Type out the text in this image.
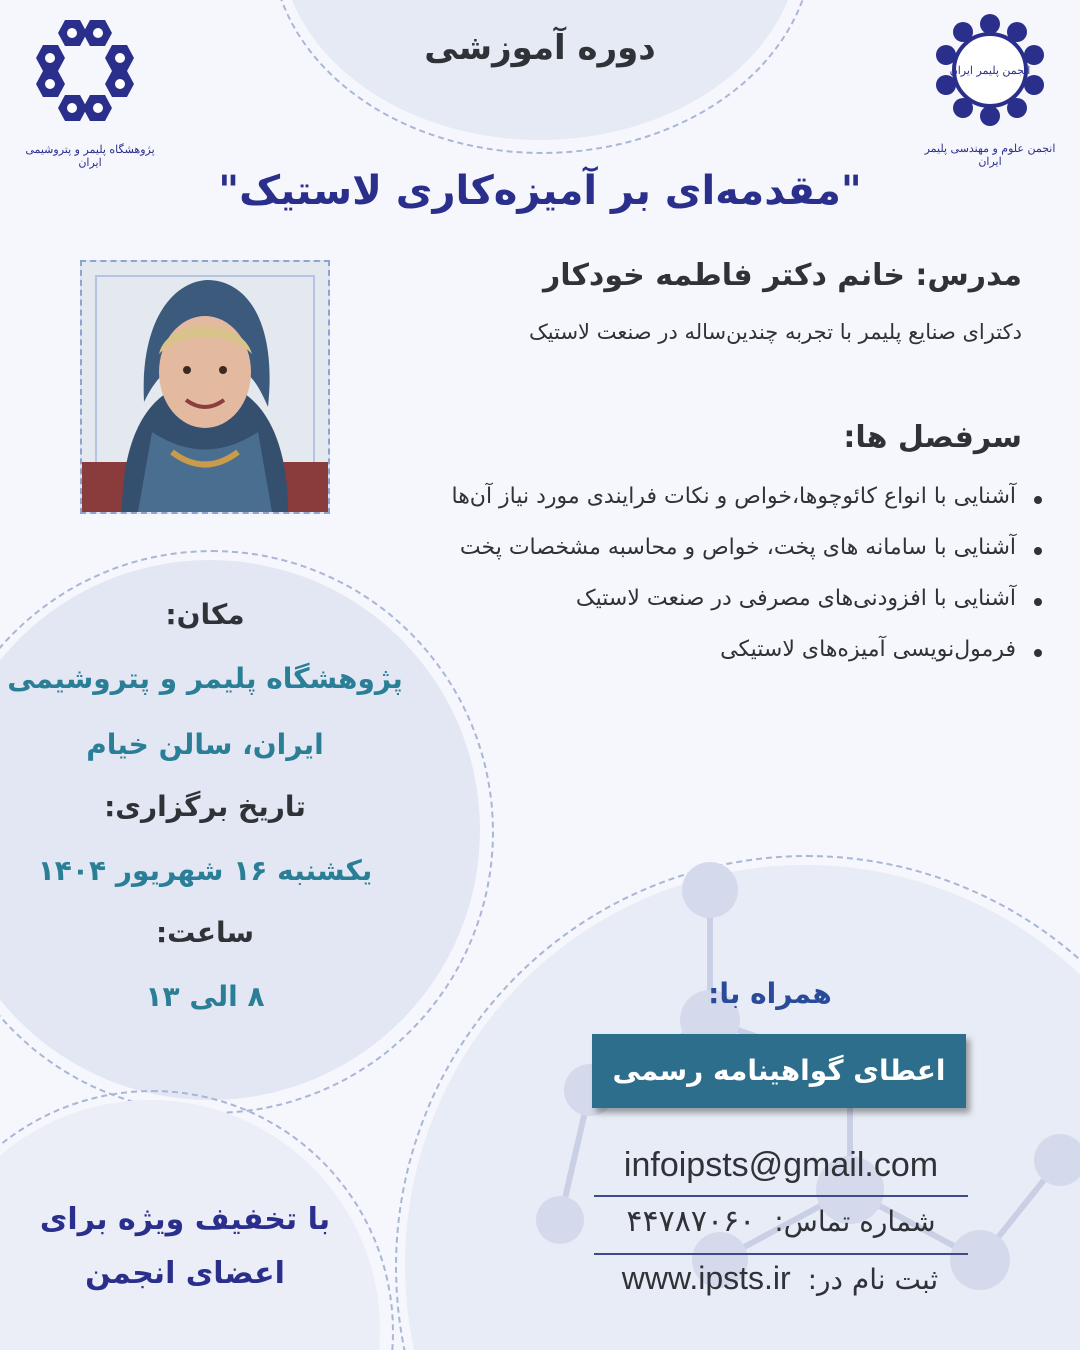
پژوهشگاه پلیمر و پتروشیمی ایران
انجمن پلیمر ایران
انجمن علوم و مهندسی پلیمر ایران
دوره آموزشی
"مقدمه‌ای بر آمیزه‌کاری لاستیک"
مدرس: خانم دکتر فاطمه خودکار
دکترای صنایع پلیمر با تجربه چندین‌ساله در صنعت لاستیک
سرفصل ها:
آشنایی با انواع کائوچوها،خواص و نکات فرایندی مورد نیاز آن‌ها
آشنایی با سامانه های پخت، خواص و محاسبه مشخصات پخت
آشنایی با افزودنی‌های مصرفی در صنعت لاستیک
فرمول‌نویسی آمیزه‌های لاستیکی
مکان:
پژوهشگاه پلیمر و پتروشیمی
ایران، سالن خیام
تاریخ برگزاری:
یکشنبه ۱۶ شهریور ۱۴۰۴
ساعت:
۸ الی ۱۳
با تخفیف ویژه برای
اعضای انجمن
همراه با:
اعطای گواهینامه رسمی
infoipsts@gmail.com
شماره تماس: ۴۴۷۸۷۰۶۰
ثبت نام در: www.ipsts.ir
